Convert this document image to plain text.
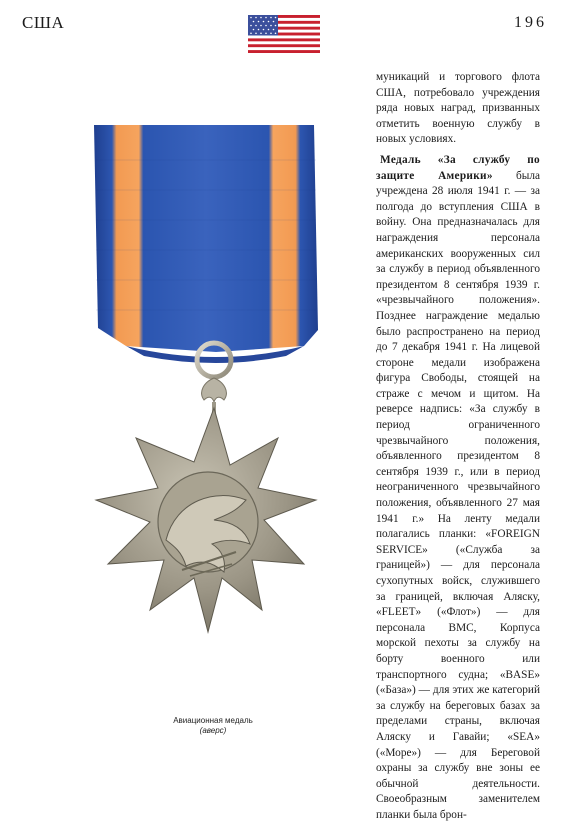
США	196
Авиационная медаль
(аверс)

муникаций и торгового флота США, потребовало учреждения ряда новых наград, призванных отметить военную службу в новых условиях.

Медаль «За службу по защите Америки» была учреждена 28 июля 1941 г. — за полгода до вступления США в войну. Она предназначалась для награждения персонала американских вооруженных сил за службу в период объявленного президентом 8 сентября 1939 г. «чрезвычайного положения». Позднее награждение медалью было распространено на период до 7 декабря 1941 г. На лицевой стороне медали изображена фигура Свободы, стоящей на страже с мечом и щитом. На реверсе надпись: «За службу в период ограниченного чрезвычайного положения, объявленного президентом 8 сентября 1939 г., или в период неограниченного чрезвычайного положения, объявленного 27 мая 1941 г.» На ленту медали полагались планки: «FOREIGN SERVICE» («Служба за границей») — для персонала сухопутных войск, служившего за границей, включая Аляску, «FLEET» («Флот») — для персонала ВМС, Корпуса морской пехоты за службу на борту военного или транспортного судна; «BASE» («База») — для этих же категорий за службу на береговых базах за пределами страны, включая Аляску и Гавайи; «SEA» («Море») — для Береговой охраны за службу вне зоны ее обычной деятельности. Своеобразным заменителем планки была брон-
